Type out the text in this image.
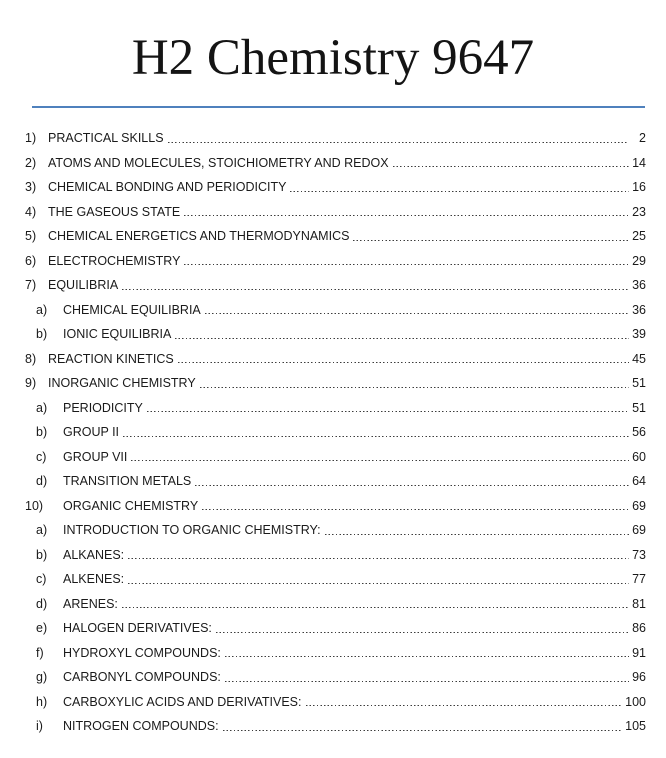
H2 Chemistry 9647
1) PRACTICAL SKILLS	2
2) ATOMS AND MOLECULES, STOICHIOMETRY AND REDOX	14
3) CHEMICAL BONDING AND PERIODICITY	16
4) THE GASEOUS STATE	23
5) CHEMICAL ENERGETICS AND THERMODYNAMICS	25
6) ELECTROCHEMISTRY	29
7) EQUILIBRIA	36
a)	CHEMICAL EQUILIBRIA	36
b)	IONIC EQUILIBRIA	39
8) REACTION KINETICS	45
9) INORGANIC CHEMISTRY	51
a)	PERIODICITY	51
b)	GROUP II	56
c)	GROUP VII	60
d)	TRANSITION METALS	64
10)	ORGANIC CHEMISTRY	69
a)	INTRODUCTION TO ORGANIC CHEMISTRY:	69
b)	ALKANES:	73
c)	ALKENES:	77
d)	ARENES:	81
e)	HALOGEN DERIVATIVES:	86
f)	HYDROXYL COMPOUNDS:	91
g)	CARBONYL COMPOUNDS:	96
h)	CARBOXYLIC ACIDS AND DERIVATIVES:	100
i)	NITROGEN COMPOUNDS:	105
